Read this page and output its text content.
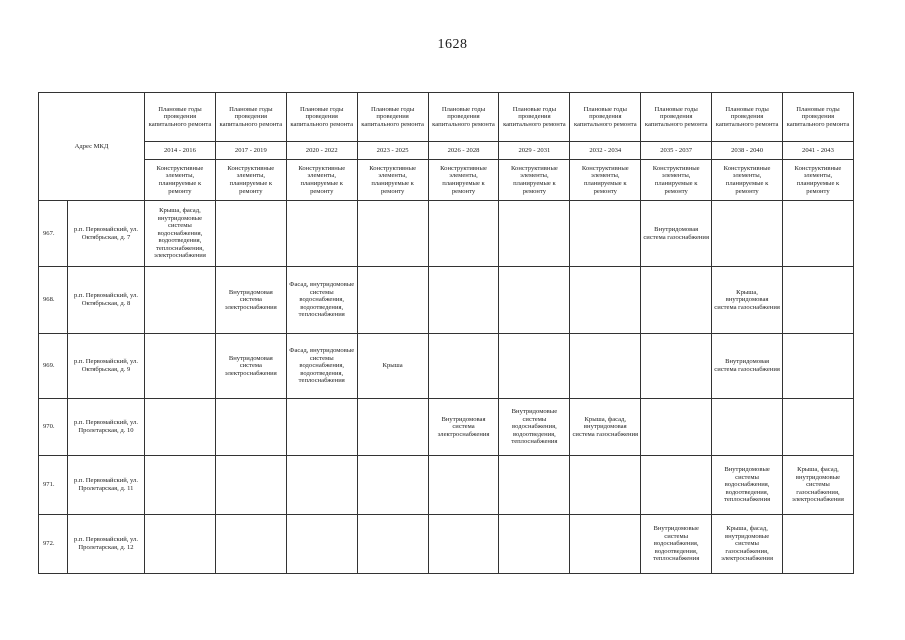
1628
Адрес МКД		Плановые годы проведения капитального ремонта	Плановые годы проведения капитального ремонта	Плановые годы проведения капитального ремонта	Плановые годы проведения капитального ремонта	Плановые годы проведения капитального ремонта	Плановые годы проведения капитального ремонта	Плановые годы проведения капитального ремонта	Плановые годы проведения капитального ремонта	Плановые годы проведения капитального ремонта	Плановые годы проведения капитального ремонта
		2014 - 2016	2017 - 2019	2020 - 2022	2023 - 2025	2026 - 2028	2029 - 2031	2032 - 2034	2035 - 2037	2038 - 2040	2041 - 2043
		Конструктивные элементы, планируемые к ремонту	Конструктивные элементы, планируемые к ремонту	Конструктивные элементы, планируемые к ремонту	Конструктивные элементы, планируемые к ремонту	Конструктивные элементы, планируемые к ремонту	Конструктивные элементы, планируемые к ремонту	Конструктивные элементы, планируемые к ремонту	Конструктивные элементы, планируемые к ремонту	Конструктивные элементы, планируемые к ремонту	Конструктивные элементы, планируемые к ремонту
967.	р.п. Первомайский, ул. Октябрьская, д. 7	Крыша, фасад, внутридомовые системы водоснабжения, водоотведения, теплоснабжения, электроснабжения							Внутридомовая система газоснабжения		
968.	р.п. Первомайский, ул. Октябрьская, д. 8		Внутридомовая система электроснабжения	Фасад, внутридомовые системы водоснабжения, водоотведения, теплоснабжения						Крыша, внутридомовая система газоснабжения	
969.	р.п. Первомайский, ул. Октябрьская, д. 9		Внутридомовая система электроснабжения	Фасад, внутридомовые системы водоснабжения, водоотведения, теплоснабжения	Крыша					Внутридомовая система газоснабжения	
970.	р.п. Первомайский, ул. Пролетарская, д. 10					Внутридомовая система электроснабжения	Внутридомовые системы водоснабжения, водоотведения, теплоснабжения	Крыша, фасад, внутридомовая система газоснабжения			
971.	р.п. Первомайский, ул. Пролетарская, д. 11									Внутридомовые системы водоснабжения, водоотведения, теплоснабжения	Крыша, фасад, внутридомовые системы газоснабжения, электроснабжения
972.	р.п. Первомайский, ул. Пролетарская, д. 12								Внутридомовые системы водоснабжения, водоотведения, теплоснабжения	Крыша, фасад, внутридомовые системы газоснабжения, электроснабжения	
